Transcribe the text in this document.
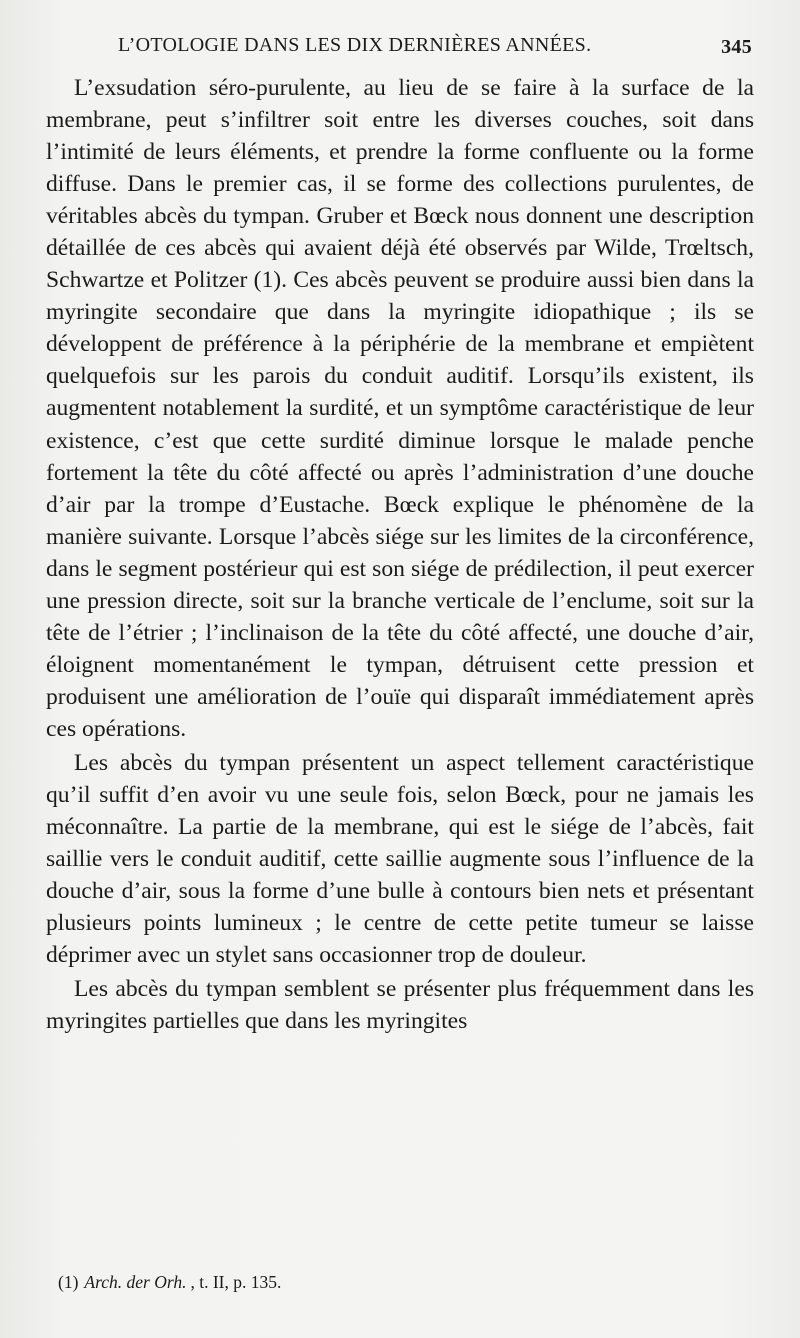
L’OTOLOGIE DANS LES DIX DERNIÈRES ANNÉES.	345

L’exsudation séro-purulente, au lieu de se faire à la surface de la membrane, peut s’infiltrer soit entre les diverses couches, soit dans l’intimité de leurs éléments, et prendre la forme confluente ou la forme diffuse. Dans le premier cas, il se forme des collections purulentes, de véritables abcès du tympan. Gruber et Bœck nous donnent une description détaillée de ces abcès qui avaient déjà été observés par Wilde, Trœltsch, Schwartze et Politzer (1). Ces abcès peuvent se produire aussi bien dans la myringite secondaire que dans la myringite idiopathique ; ils se développent de préférence à la périphérie de la membrane et empiètent quelquefois sur les parois du conduit auditif. Lorsqu’ils existent, ils augmentent notablement la surdité, et un symptôme caractéristique de leur existence, c’est que cette surdité diminue lorsque le malade penche fortement la tête du côté affecté ou après l’administration d’une douche d’air par la trompe d’Eustache. Bœck explique le phénomène de la manière suivante. Lorsque l’abcès siége sur les limites de la circonférence, dans le segment postérieur qui est son siége de prédilection, il peut exercer une pression directe, soit sur la branche verticale de l’enclume, soit sur la tête de l’étrier ; l’inclinaison de la tête du côté affecté, une douche d’air, éloignent momentanément le tympan, détruisent cette pression et produisent une amélioration de l’ouïe qui disparaît immédiatement après ces opérations.

Les abcès du tympan présentent un aspect tellement caractéristique qu’il suffit d’en avoir vu une seule fois, selon Bœck, pour ne jamais les méconnaître. La partie de la membrane, qui est le siége de l’abcès, fait saillie vers le conduit auditif, cette saillie augmente sous l’influence de la douche d’air, sous la forme d’une bulle à contours bien nets et présentant plusieurs points lumineux ; le centre de cette petite tumeur se laisse déprimer avec un stylet sans occasionner trop de douleur.

Les abcès du tympan semblent se présenter plus fréquemment dans les myringites partielles que dans les myringites

(1) Arch. der Orh. , t. II, p. 135.
